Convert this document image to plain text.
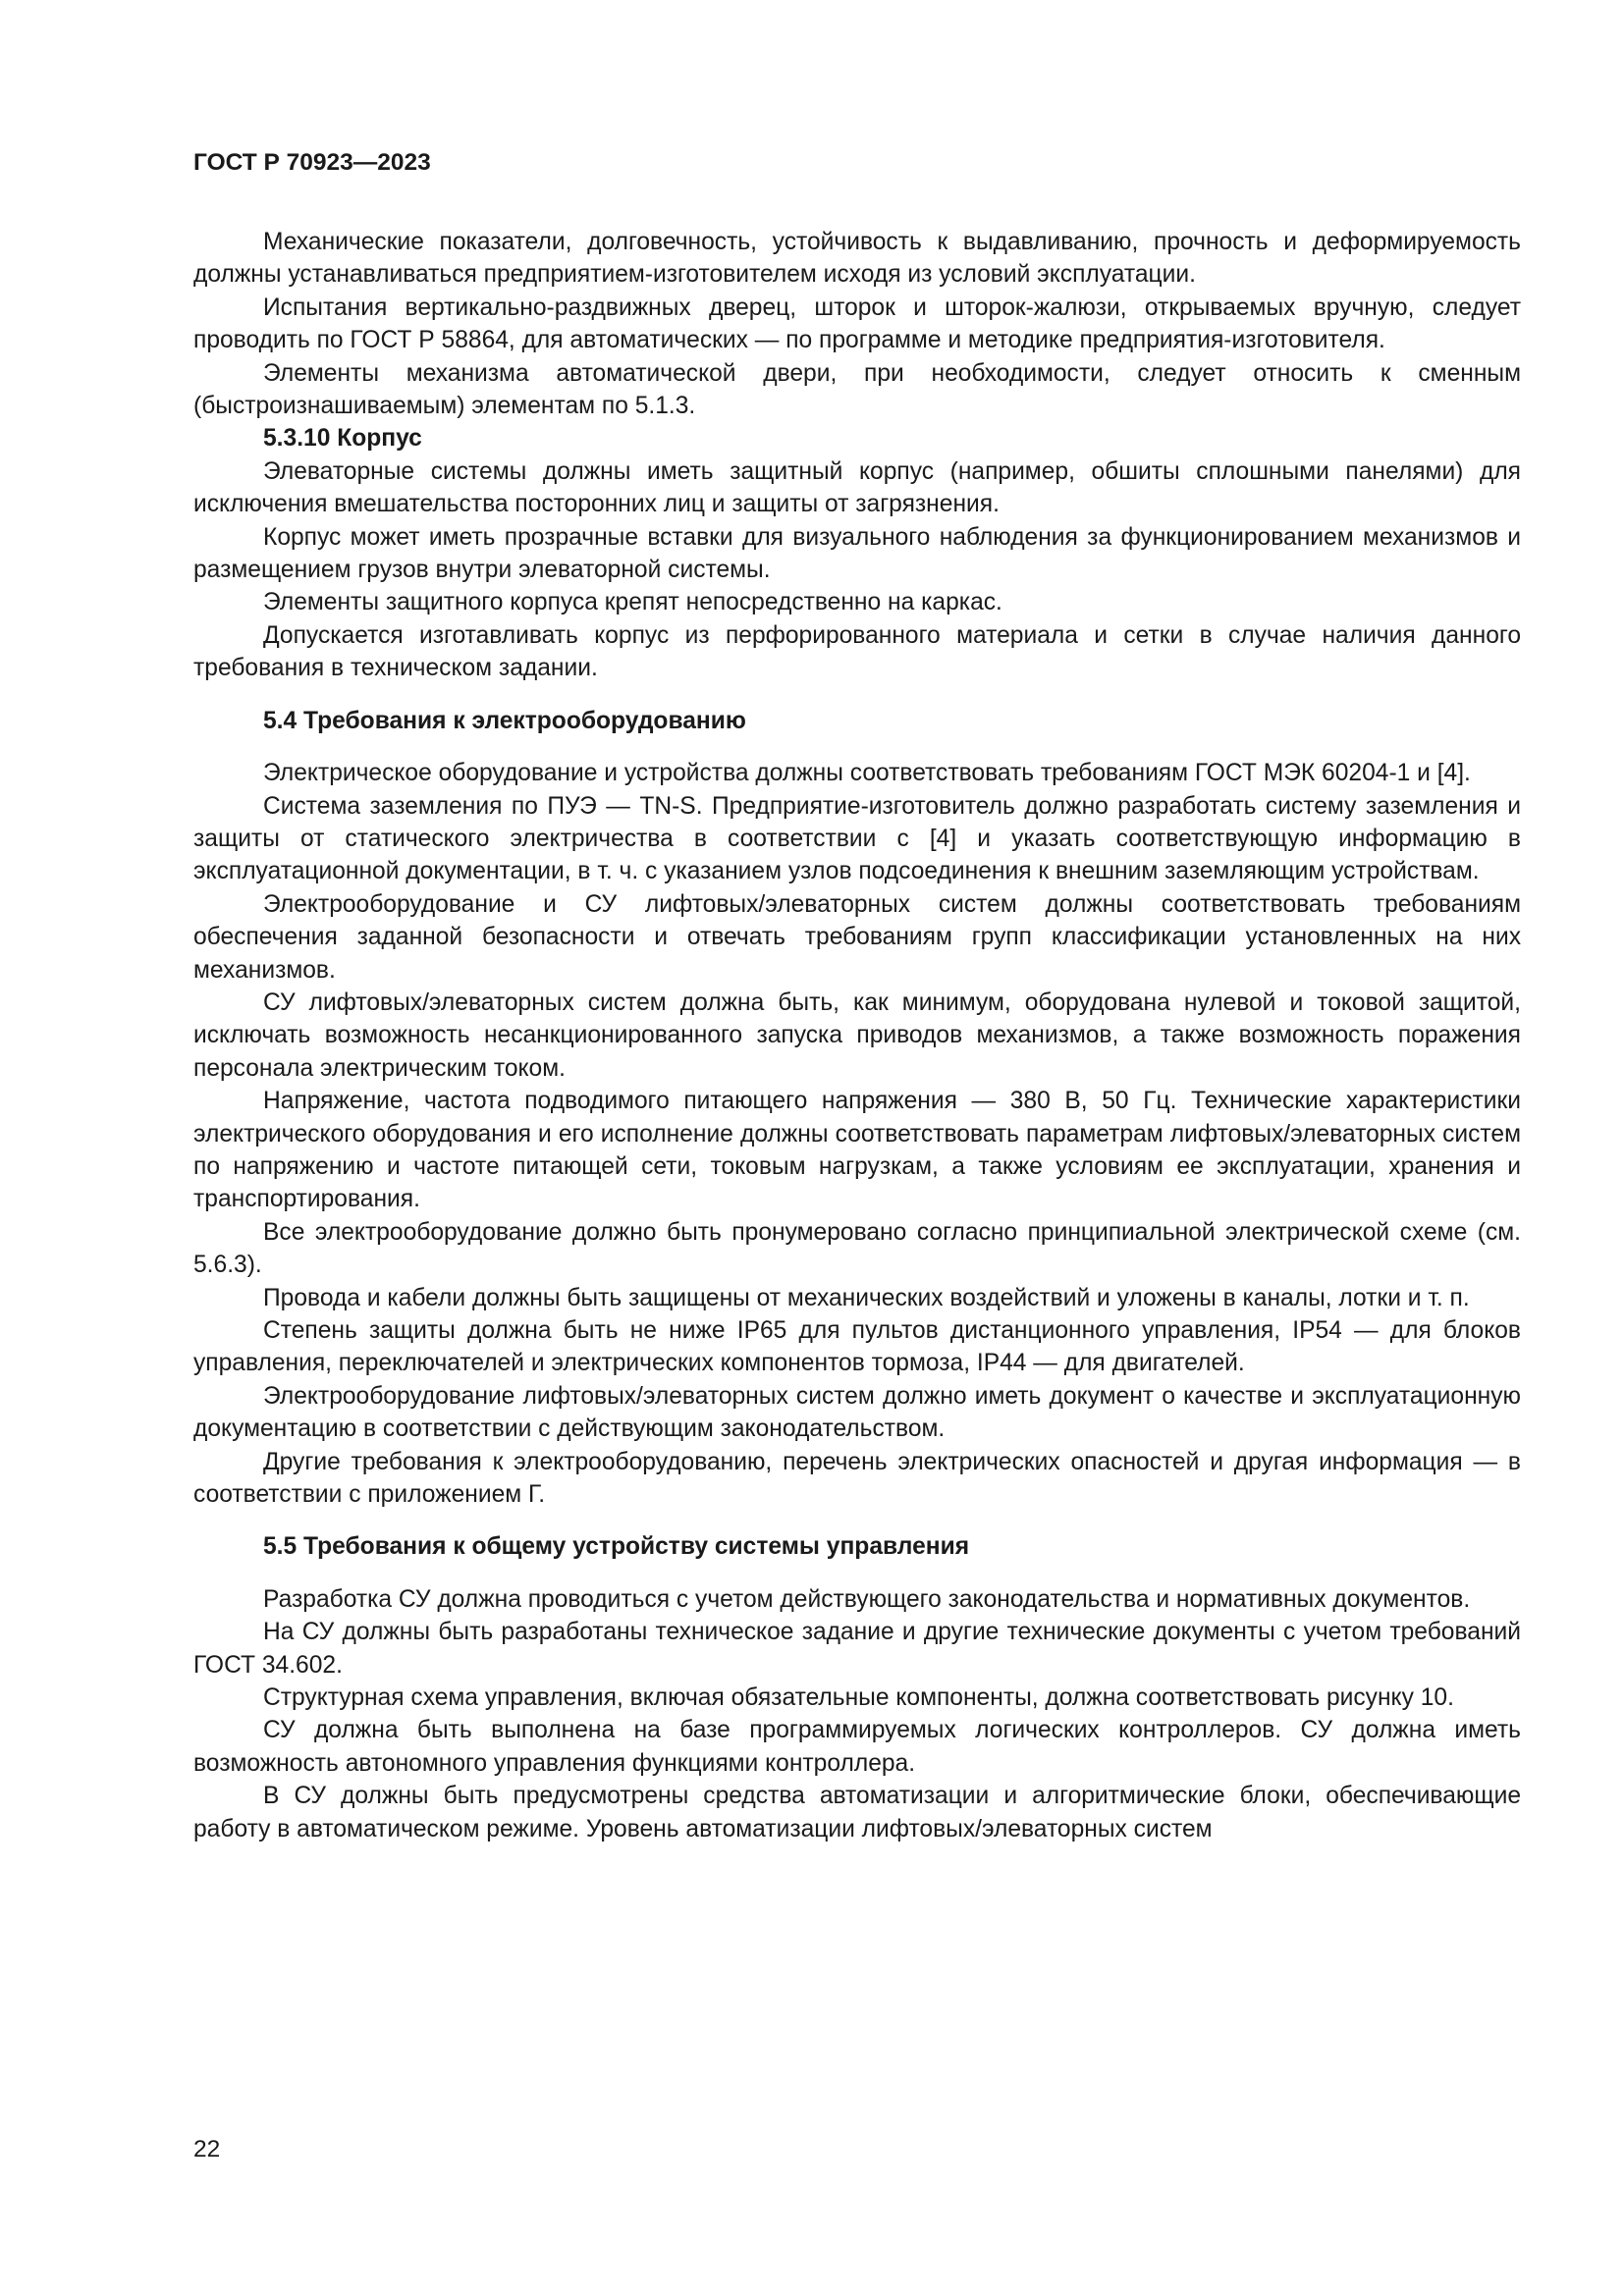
ГОСТ Р 70923—2023

Механические показатели, долговечность, устойчивость к выдавливанию, прочность и деформируемость должны устанавливаться предприятием-изготовителем исходя из условий эксплуатации.

Испытания вертикально-раздвижных дверец, шторок и шторок-жалюзи, открываемых вручную, следует проводить по ГОСТ Р 58864, для автоматических — по программе и методике предприятия-изготовителя.

Элементы механизма автоматической двери, при необходимости, следует относить к сменным (быстроизнашиваемым) элементам по 5.1.3.

5.3.10 Корпус

Элеваторные системы должны иметь защитный корпус (например, обшиты сплошными панелями) для исключения вмешательства посторонних лиц и защиты от загрязнения.

Корпус может иметь прозрачные вставки для визуального наблюдения за функционированием механизмов и размещением грузов внутри элеваторной системы.

Элементы защитного корпуса крепят непосредственно на каркас.

Допускается изготавливать корпус из перфорированного материала и сетки в случае наличия данного требования в техническом задании.

5.4 Требования к электрооборудованию

Электрическое оборудование и устройства должны соответствовать требованиям ГОСТ МЭК 60204-1 и [4].

Система заземления по ПУЭ — TN-S. Предприятие-изготовитель должно разработать систему заземления и защиты от статического электричества в соответствии с [4] и указать соответствующую информацию в эксплуатационной документации, в т. ч. с указанием узлов подсоединения к внешним заземляющим устройствам.

Электрооборудование и СУ лифтовых/элеваторных систем должны соответствовать требованиям обеспечения заданной безопасности и отвечать требованиям групп классификации установленных на них механизмов.

СУ лифтовых/элеваторных систем должна быть, как минимум, оборудована нулевой и токовой защитой, исключать возможность несанкционированного запуска приводов механизмов, а также возможность поражения персонала электрическим током.

Напряжение, частота подводимого питающего напряжения — 380 В, 50 Гц. Технические характеристики электрического оборудования и его исполнение должны соответствовать параметрам лифтовых/элеваторных систем по напряжению и частоте питающей сети, токовым нагрузкам, а также условиям ее эксплуатации, хранения и транспортирования.

Все электрооборудование должно быть пронумеровано согласно принципиальной электрической схеме (см. 5.6.3).

Провода и кабели должны быть защищены от механических воздействий и уложены в каналы, лотки и т. п.

Степень защиты должна быть не ниже IP65 для пультов дистанционного управления, IP54 — для блоков управления, переключателей и электрических компонентов тормоза, IP44 — для двигателей.

Электрооборудование лифтовых/элеваторных систем должно иметь документ о качестве и эксплуатационную документацию в соответствии с действующим законодательством.

Другие требования к электрооборудованию, перечень электрических опасностей и другая информация — в соответствии с приложением Г.

5.5 Требования к общему устройству системы управления

Разработка СУ должна проводиться с учетом действующего законодательства и нормативных документов.

На СУ должны быть разработаны техническое задание и другие технические документы с учетом требований ГОСТ 34.602.

Структурная схема управления, включая обязательные компоненты, должна соответствовать рисунку 10.

СУ должна быть выполнена на базе программируемых логических контроллеров. СУ должна иметь возможность автономного управления функциями контроллера.

В СУ должны быть предусмотрены средства автоматизации и алгоритмические блоки, обеспечивающие работу в автоматическом режиме. Уровень автоматизации лифтовых/элеваторных систем

22
